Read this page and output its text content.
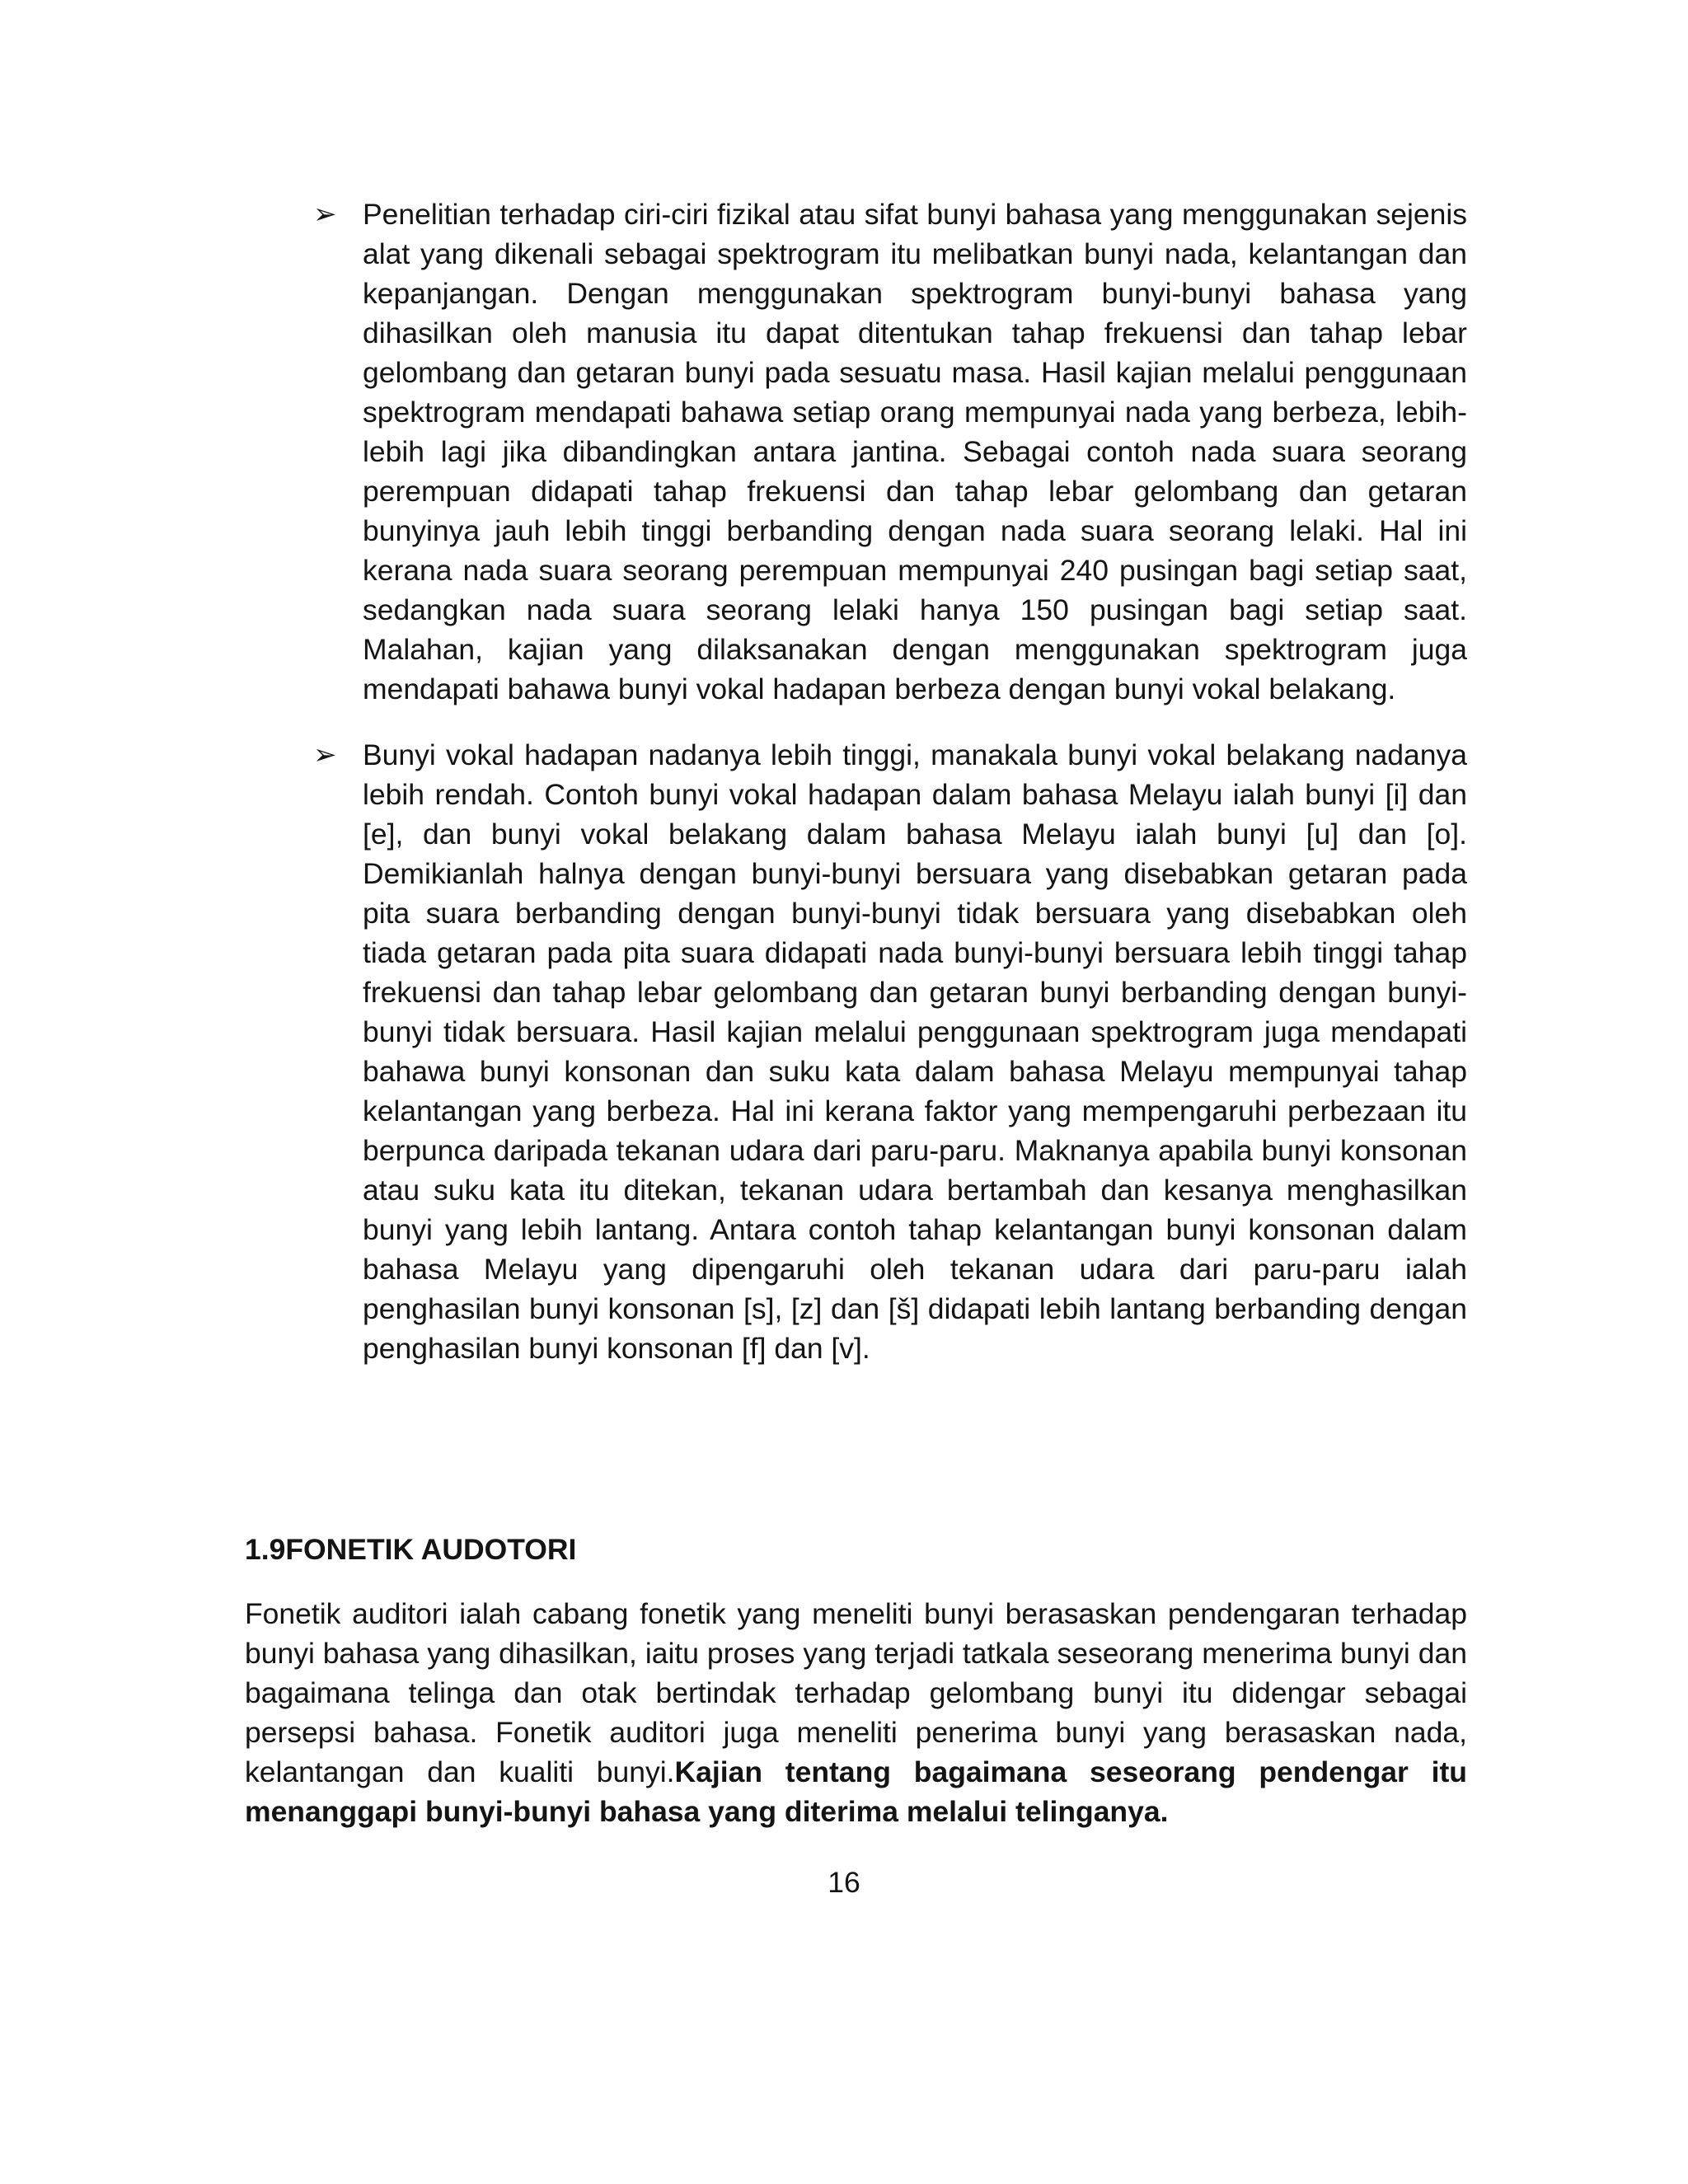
➢ Penelitian terhadap ciri-ciri fizikal atau sifat bunyi bahasa yang menggunakan sejenis alat yang dikenali sebagai spektrogram itu melibatkan bunyi nada, kelantangan dan kepanjangan. Dengan menggunakan spektrogram bunyi-bunyi bahasa yang dihasilkan oleh manusia itu dapat ditentukan tahap frekuensi dan tahap lebar gelombang dan getaran bunyi pada sesuatu masa. Hasil kajian melalui penggunaan spektrogram mendapati bahawa setiap orang mempunyai nada yang berbeza, lebih-lebih lagi jika dibandingkan antara jantina. Sebagai contoh nada suara seorang perempuan didapati tahap frekuensi dan tahap lebar gelombang dan getaran bunyinya jauh lebih tinggi berbanding dengan nada suara seorang lelaki. Hal ini kerana nada suara seorang perempuan mempunyai 240 pusingan bagi setiap saat, sedangkan nada suara seorang lelaki hanya 150 pusingan bagi setiap saat. Malahan, kajian yang dilaksanakan dengan menggunakan spektrogram juga mendapati bahawa bunyi vokal hadapan berbeza dengan bunyi vokal belakang.
➢ Bunyi vokal hadapan nadanya lebih tinggi, manakala bunyi vokal belakang nadanya lebih rendah. Contoh bunyi vokal hadapan dalam bahasa Melayu ialah bunyi [i] dan [e], dan bunyi vokal belakang dalam bahasa Melayu ialah bunyi [u] dan [o]. Demikianlah halnya dengan bunyi-bunyi bersuara yang disebabkan getaran pada pita suara berbanding dengan bunyi-bunyi tidak bersuara yang disebabkan oleh tiada getaran pada pita suara didapati nada bunyi-bunyi bersuara lebih tinggi tahap frekuensi dan tahap lebar gelombang dan getaran bunyi berbanding dengan bunyi-bunyi tidak bersuara. Hasil kajian melalui penggunaan spektrogram juga mendapati bahawa bunyi konsonan dan suku kata dalam bahasa Melayu mempunyai tahap kelantangan yang berbeza. Hal ini kerana faktor yang mempengaruhi perbezaan itu berpunca daripada tekanan udara dari paru-paru. Maknanya apabila bunyi konsonan atau suku kata itu ditekan, tekanan udara bertambah dan kesanya menghasilkan bunyi yang lebih lantang. Antara contoh tahap kelantangan bunyi konsonan dalam bahasa Melayu yang dipengaruhi oleh tekanan udara dari paru-paru ialah penghasilan bunyi konsonan [s], [z] dan [š] didapati lebih lantang berbanding dengan penghasilan bunyi konsonan [f] dan [v].
1.9FONETIK AUDOTORI

Fonetik auditori ialah cabang fonetik yang meneliti bunyi berasaskan pendengaran terhadap bunyi bahasa yang dihasilkan, iaitu proses yang terjadi tatkala seseorang menerima bunyi dan bagaimana telinga dan otak bertindak terhadap gelombang bunyi itu didengar sebagai persepsi bahasa. Fonetik auditori juga meneliti penerima bunyi yang berasaskan nada, kelantangan dan kualiti bunyi.Kajian tentang bagaimana seseorang pendengar itu menanggapi bunyi-bunyi bahasa yang diterima melalui telinganya.

16
